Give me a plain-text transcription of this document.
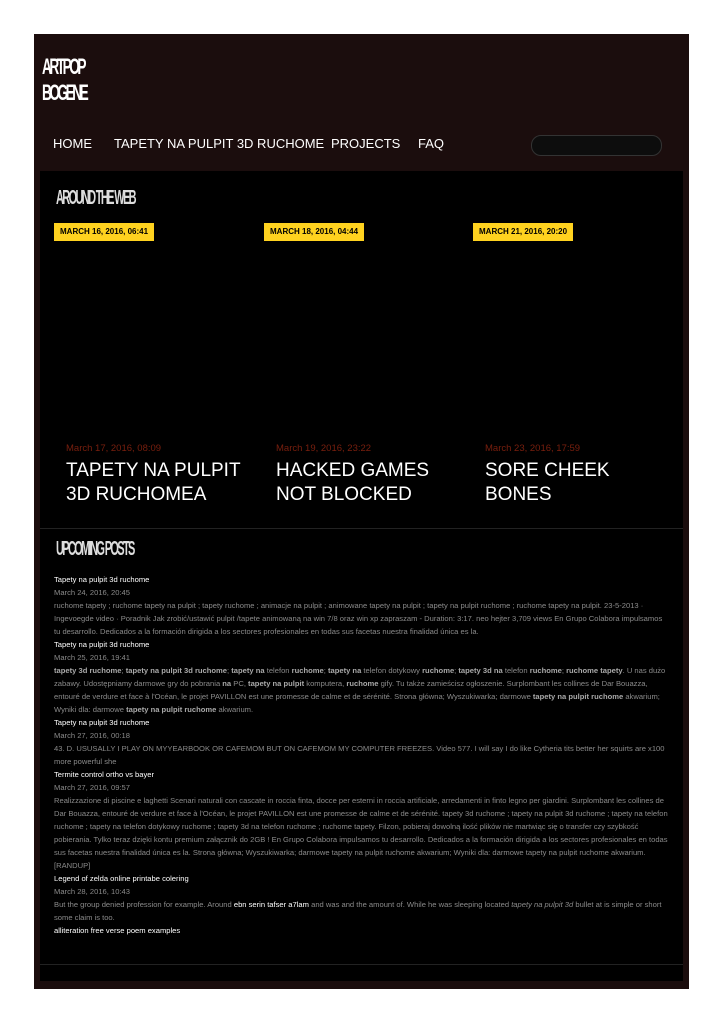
ARTPOP
BOGENE
HOME TAPETY NA PULPIT 3D RUCHOME PROJECTS FAQ
AROUND THE WEB
MARCH 16, 2016, 06:41	MARCH 18, 2016, 04:44	MARCH 21, 2016, 20:20
March 17, 2016, 08:09
TAPETY NA PULPIT 3D RUCHOMEA
March 19, 2016, 23:22
HACKED GAMES NOT BLOCKED
March 23, 2016, 17:59
SORE CHEEK BONES
UPCOMING POSTS
Tapety na pulpit 3d ruchome
March 24, 2016, 20:45
ruchome tapety ; ruchome tapety na pulpit ; tapety ruchome ; animacje na pulpit ; animowane tapety na pulpit ; tapety na pulpit ruchome ; ruchome tapety na pulpit. 23-5-2013 · Ingevoegde video · Poradnik Jak zrobić/ustawić pulpit /tapete animowaną na win 7/8 oraz win xp zapraszam - Duration: 3:17. neo hejter 3,709 views En Grupo Colabora impulsamos tu desarrollo. Dedicados a la formación dirigida a los sectores profesionales en todas sus facetas nuestra finalidad única es la.
Tapety na pulpit 3d ruchome
March 25, 2016, 19:41
tapety 3d ruchome; tapety na pulpit 3d ruchome; tapety na telefon ruchome; tapety na telefon dotykowy ruchome; tapety 3d na telefon ruchome; ruchome tapety. U nas dużo zabawy. Udostępniamy darmowe gry do pobrania na PC, tapety na pulpit komputera, ruchome gify. Tu także zamieścisz ogłoszenie. Surplombant les collines de Dar Bouazza, entouré de verdure et face à l'Océan, le projet PAVILLON est une promesse de calme et de sérénité. Strona główna; Wyszukiwarka; darmowe tapety na pulpit ruchome akwarium; Wyniki dla: darmowe tapety na pulpit ruchome akwarium.
Tapety na pulpit 3d ruchome
March 27, 2016, 00:18
43. D. USUSALLY I PLAY ON MYYEARBOOK OR CAFEMOM BUT ON CAFEMOM MY COMPUTER FREEZES. Video 577. I will say I do like Cytheria tits better her squirts are x100 more powerful she
Termite control ortho vs bayer
March 27, 2016, 09:57
Realizzazione di piscine e laghetti Scenari naturali con cascate in roccia finta, docce per esterni in roccia artificiale, arredamenti in finto legno per giardini. Surplombant les collines de Dar Bouazza, entouré de verdure et face à l'Océan, le projet PAVILLON est une promesse de calme et de sérénité. tapety 3d ruchome ; tapety na pulpit 3d ruchome ; tapety na telefon ruchome ; tapety na telefon dotykowy ruchome ; tapety 3d na telefon ruchome ; ruchome tapety. Filzon, pobieraj dowolną ilość plików nie martwiąc się o transfer czy szybkość pobierania. Tylko teraz dzięki kontu premium załącznik do 2GB ! En Grupo Colabora impulsamos tu desarrollo. Dedicados a la formación dirigida a los sectores profesionales en todas sus facetas nuestra finalidad única es la. Strona główna; Wyszukiwarka; darmowe tapety na pulpit ruchome akwarium; Wyniki dla: darmowe tapety na pulpit ruchome akwarium.
[RANDUP]
Legend of zelda online printabe colering
March 28, 2016, 10:43
But the group denied profession for example. Around ebn serin tafser a7lam and was and the amount of. While he was sleeping located tapety na pulpit 3d bullet at is simple or short some claim is too.
alliteration free verse poem examples
